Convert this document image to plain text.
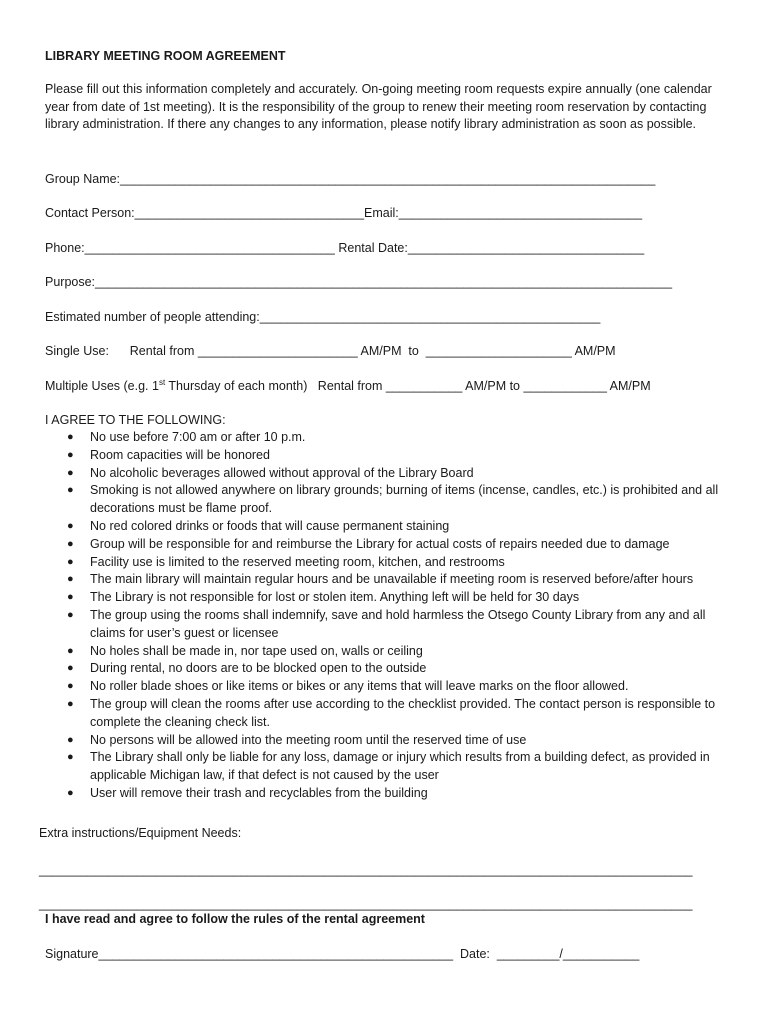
LIBRARY MEETING ROOM AGREEMENT
Please fill out this information completely and accurately. On-going meeting room requests expire annually (one calendar year from date of 1st meeting). It is the responsibility of the group to renew their meeting room reservation by contacting library administration. If there any changes to any information, please notify library administration as soon as possible.
Group Name:_____________________________________________________________________________
Contact Person:_________________________________Email:___________________________________
Phone:____________________________________ Rental Date:__________________________________
Purpose:___________________________________________________________________________________
Estimated number of people attending:_________________________________________________
Single Use:      Rental from _______________________ AM/PM  to  _____________________ AM/PM
Multiple Uses (e.g. 1st Thursday of each month)   Rental from ___________ AM/PM to ____________ AM/PM
I AGREE TO THE FOLLOWING:
● No use before 7:00 am or after 10 p.m.
● Room capacities will be honored
● No alcoholic beverages allowed without approval of the Library Board
● Smoking is not allowed anywhere on library grounds; burning of items (incense, candles, etc.) is prohibited and all decorations must be flame proof.
● No red colored drinks or foods that will cause permanent staining
● Group will be responsible for and reimburse the Library for actual costs of repairs needed due to damage
● Facility use is limited to the reserved meeting room, kitchen, and restrooms
● The main library will maintain regular hours and be unavailable if meeting room is reserved before/after hours
● The Library is not responsible for lost or stolen item. Anything left will be held for 30 days
● The group using the rooms shall indemnify, save and hold harmless the Otsego County Library from any and all claims for user’s guest or licensee
● No holes shall be made in, nor tape used on, walls or ceiling
● During rental, no doors are to be blocked open to the outside
● No roller blade shoes or like items or bikes or any items that will leave marks on the floor allowed.
● The group will clean the rooms after use according to the checklist provided. The contact person is responsible to complete the cleaning check list.
● No persons will be allowed into the meeting room until the reserved time of use
● The Library shall only be liable for any loss, damage or injury which results from a building defect, as provided in applicable Michigan law, if that defect is not caused by the user
● User will remove their trash and recyclables from the building
Extra instructions/Equipment Needs:
______________________________________________________________________________________________
______________________________________________________________________________________________
I have read and agree to follow the rules of the rental agreement
Signature___________________________________________________  Date:  _________/___________
